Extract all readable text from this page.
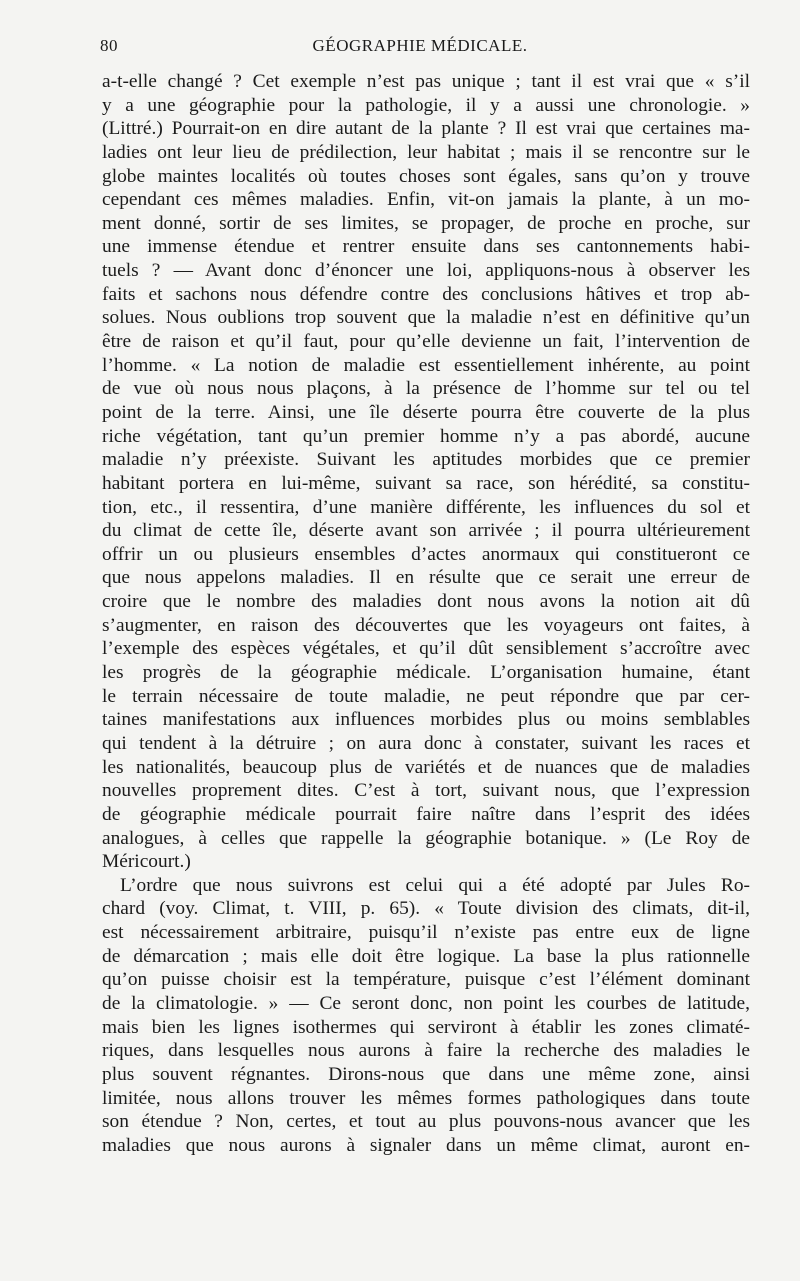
80	GÉOGRAPHIE MÉDICALE.
a-t-elle changé ? Cet exemple n’est pas unique ; tant il est vrai que « s’il
y a une géographie pour la pathologie, il y a aussi une chronologie. »
(Littré.) Pourrait-on en dire autant de la plante ? Il est vrai que certaines ma-
ladies ont leur lieu de prédilection, leur habitat ; mais il se rencontre sur le
globe maintes localités où toutes choses sont égales, sans qu’on y trouve
cependant ces mêmes maladies. Enfin, vit-on jamais la plante, à un mo-
ment donné, sortir de ses limites, se propager, de proche en proche, sur
une immense étendue et rentrer ensuite dans ses cantonnements habi-
tuels ? — Avant donc d’énoncer une loi, appliquons-nous à observer les
faits et sachons nous défendre contre des conclusions hâtives et trop ab-
solues. Nous oublions trop souvent que la maladie n’est en définitive qu’un
être de raison et qu’il faut, pour qu’elle devienne un fait, l’intervention de
l’homme. « La notion de maladie est essentiellement inhérente, au point
de vue où nous nous plaçons, à la présence de l’homme sur tel ou tel
point de la terre. Ainsi, une île déserte pourra être couverte de la plus
riche végétation, tant qu’un premier homme n’y a pas abordé, aucune
maladie n’y préexiste. Suivant les aptitudes morbides que ce premier
habitant portera en lui-même, suivant sa race, son hérédité, sa constitu-
tion, etc., il ressentira, d’une manière différente, les influences du sol et
du climat de cette île, déserte avant son arrivée ; il pourra ultérieurement
offrir un ou plusieurs ensembles d’actes anormaux qui constitueront ce
que nous appelons maladies. Il en résulte que ce serait une erreur de
croire que le nombre des maladies dont nous avons la notion ait dû
s’augmenter, en raison des découvertes que les voyageurs ont faites, à
l’exemple des espèces végétales, et qu’il dût sensiblement s’accroître avec
les progrès de la géographie médicale. L’organisation humaine, étant
le terrain nécessaire de toute maladie, ne peut répondre que par cer-
taines manifestations aux influences morbides plus ou moins semblables
qui tendent à la détruire ; on aura donc à constater, suivant les races et
les nationalités, beaucoup plus de variétés et de nuances que de maladies
nouvelles proprement dites. C’est à tort, suivant nous, que l’expression
de géographie médicale pourrait faire naître dans l’esprit des idées
analogues, à celles que rappelle la géographie botanique. » (Le Roy de
Méricourt.)
L’ordre que nous suivrons est celui qui a été adopté par Jules Ro-
chard (voy. Climat, t. VIII, p. 65). « Toute division des climats, dit-il,
est nécessairement arbitraire, puisqu’il n’existe pas entre eux de ligne
de démarcation ; mais elle doit être logique. La base la plus rationnelle
qu’on puisse choisir est la température, puisque c’est l’élément dominant
de la climatologie. » — Ce seront donc, non point les courbes de latitude,
mais bien les lignes isothermes qui serviront à établir les zones climaté-
riques, dans lesquelles nous aurons à faire la recherche des maladies le
plus souvent régnantes. Dirons-nous que dans une même zone, ainsi
limitée, nous allons trouver les mêmes formes pathologiques dans toute
son étendue ? Non, certes, et tout au plus pouvons-nous avancer que les
maladies que nous aurons à signaler dans un même climat, auront en-
